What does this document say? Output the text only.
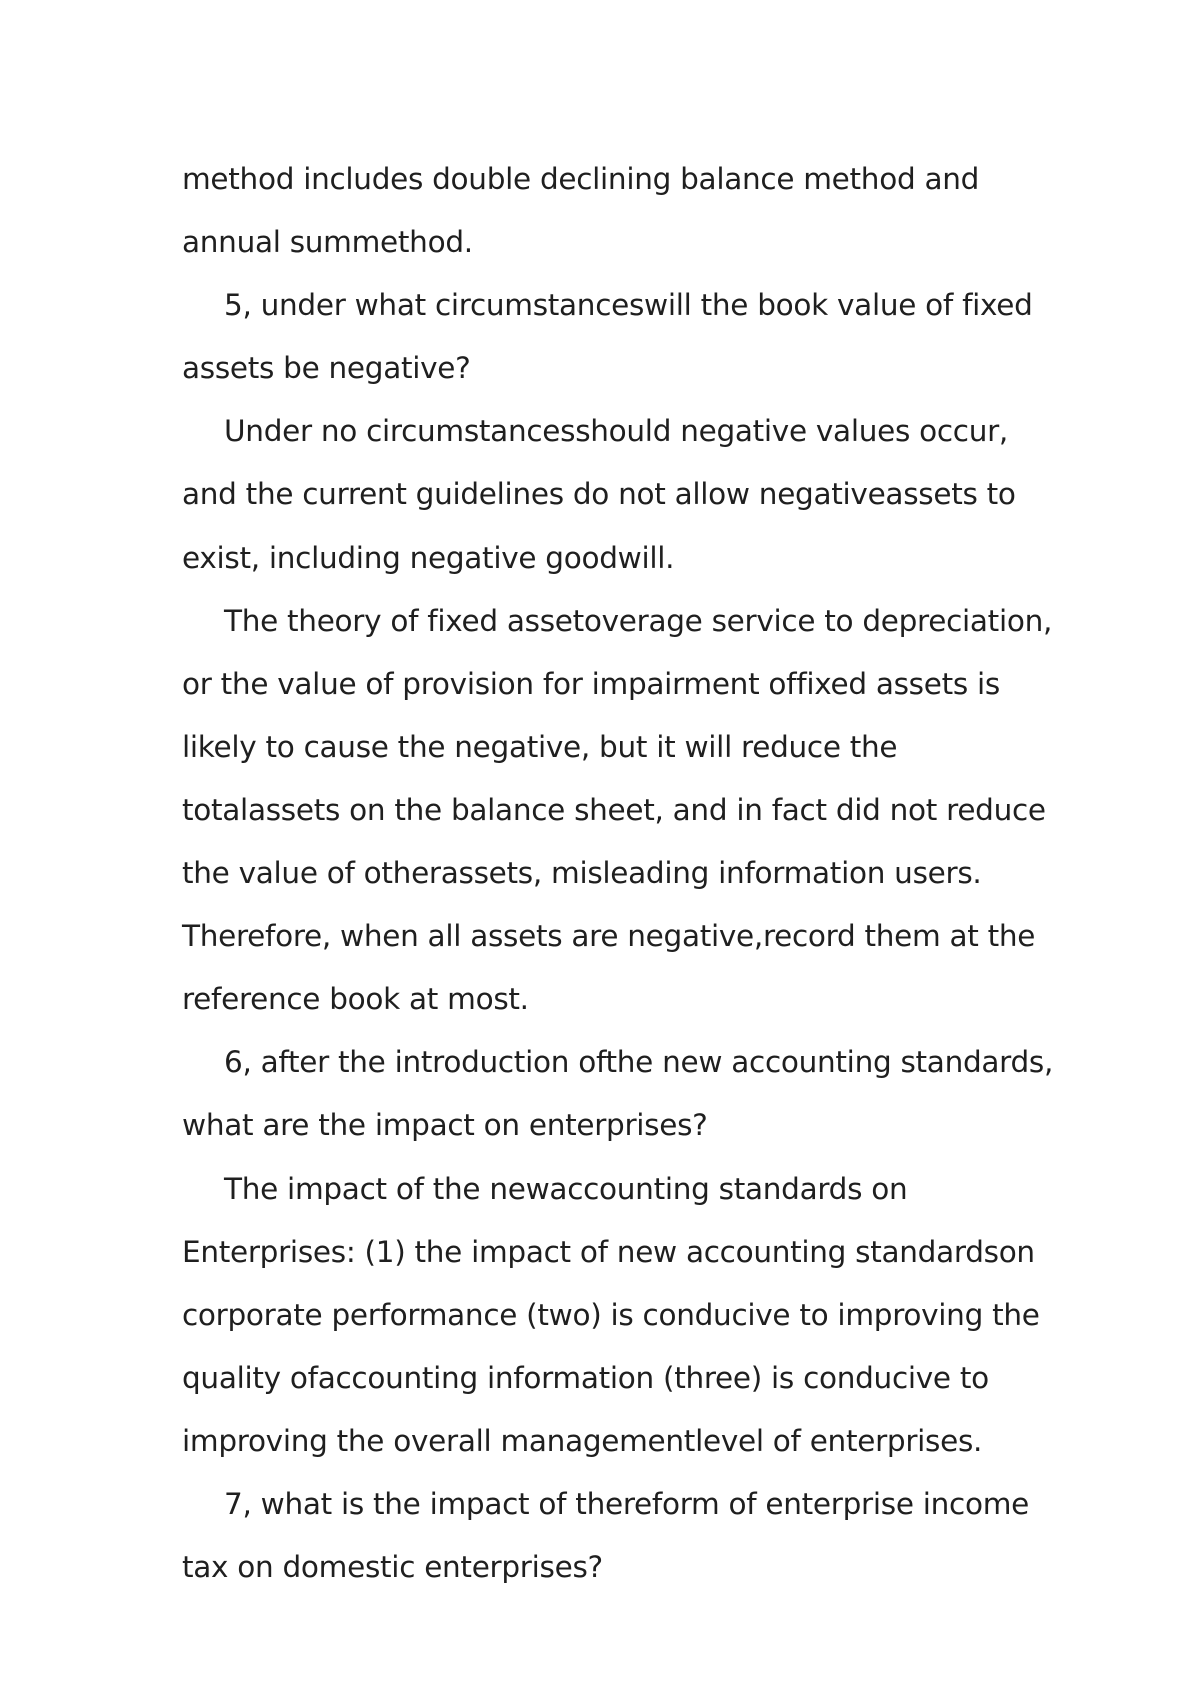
method includes double declining balance method and annual summethod.

5, under what circumstanceswill the book value of fixed assets be negative?

Under no circumstancesshould negative values occur, and the current guidelines do not allow negativeassets to exist, including negative goodwill.

The theory of fixed assetoverage service to depreciation, or the value of provision for impairment offixed assets is likely to cause the negative, but it will reduce the totalassets on the balance sheet, and in fact did not reduce the value of otherassets, misleading information users. Therefore, when all assets are negative,record them at the reference book at most.

6, after the introduction ofthe new accounting standards, what are the impact on enterprises?

The impact of the newaccounting standards on Enterprises: (1) the impact of new accounting standardson corporate performance (two) is conducive to improving the quality ofaccounting information (three) is conducive to improving the overall managementlevel of enterprises.

7, what is the impact of thereform of enterprise income tax on domestic enterprises?
